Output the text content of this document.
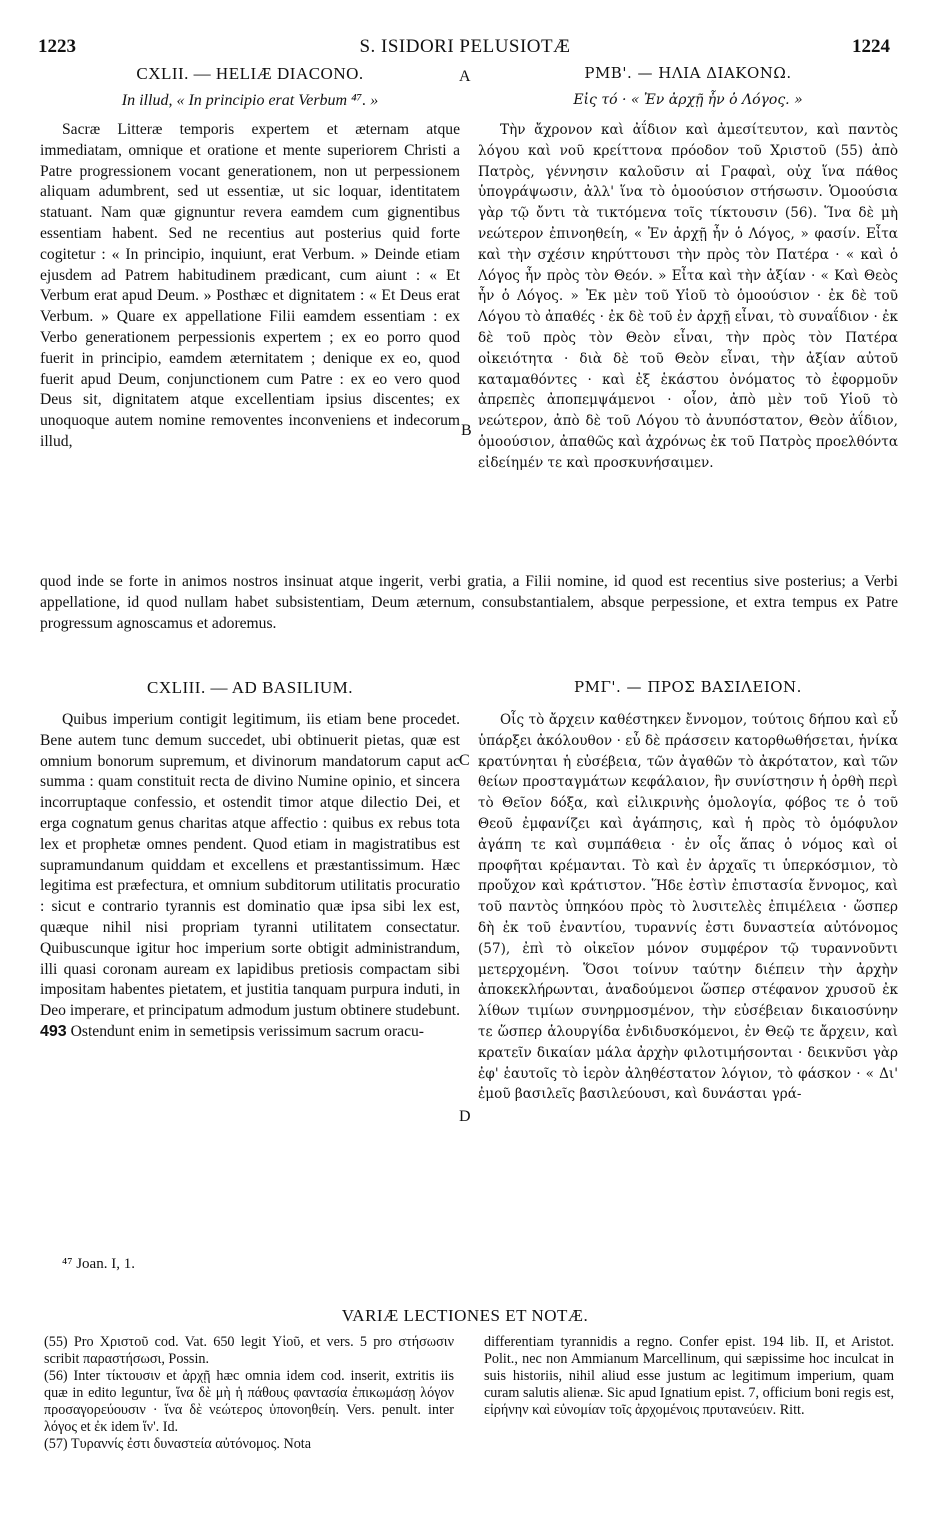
1223	S. ISIDORI PELUSIOTÆ	1224
CXLII. — HELIÆ DIACONO.	A	ΡΜΒ'. — ΗΛΙΑ ΔΙΑΚΟΝΩ.
In illud, « In principio erat Verbum ⁴⁷. »	Εἰς τό · « Ἐν ἀρχῇ ἦν ὁ Λόγος. »

Sacræ Litteræ temporis expertem et æternam atque immediatam, omnique et oratione et mente superiorem Christi a Patre progressionem vocant generationem, non ut perpessionem aliquam adumbrent, sed ut essentiæ, ut sic loquar, identitatem statuant. Nam quæ gignuntur revera eamdem cum gignentibus essentiam habent. Sed ne recentius aut posterius quid forte cogitetur : « In principio, inquiunt, erat Verbum. » Deinde etiam ejusdem ad Patrem habitudinem prædicant, cum aiunt : « Et Verbum erat apud Deum. » Posthæc et dignitatem : « Et Deus erat Verbum. » Quare ex appellatione Filii eamdem essentiam : ex Verbo generationem perpessionis expertem ; ex eo porro quod fuerit in principio, eamdem æternitatem ; denique ex eo, quod fuerit apud Deum, conjunctionem cum Patre : ex eo vero quod Deus sit, dignitatem atque excellentiam ipsius discentes; ex unoquoque autem nomine removentes inconveniens et indecorum illud,

B

Τὴν ἄχρονον καὶ ἀΐδιον καὶ ἀμεσίτευτον, καὶ παντὸς λόγου καὶ νοῦ κρείττονα πρόοδον τοῦ Χριστοῦ (55) ἀπὸ Πατρὸς, γέννησιν καλοῦσιν αἱ Γραφαὶ, οὐχ ἵνα πάθος ὑπογράψωσιν, ἀλλ' ἵνα τὸ ὁμοούσιον στήσωσιν. Ὁμοούσια γὰρ τῷ ὄντι τὰ τικτόμενα τοῖς τίκτουσιν (56). Ἵνα δὲ μὴ νεώτερον ἐπινοηθείη, « Ἐν ἀρχῇ ἦν ὁ Λόγος, » φασίν. Εἶτα καὶ τὴν σχέσιν κηρύττουσι τὴν πρὸς τὸν Πατέρα · « καὶ ὁ Λόγος ἦν πρὸς τὸν Θεόν. » Εἶτα καὶ τὴν ἀξίαν · « Καὶ Θεὸς ἦν ὁ Λόγος. » Ἐκ μὲν τοῦ Υἱοῦ τὸ ὁμοούσιον · ἐκ δὲ τοῦ Λόγου τὸ ἀπαθές · ἐκ δὲ τοῦ ἐν ἀρχῇ εἶναι, τὸ συναΐδιον · ἐκ δὲ τοῦ πρὸς τὸν Θεὸν εἶναι, τὴν πρὸς τὸν Πατέρα οἰκειότητα · διὰ δὲ τοῦ Θεὸν εἶναι, τὴν ἀξίαν αὐτοῦ καταμαθόντες · καὶ ἐξ ἑκάστου ὀνόματος τὸ ἐφορμοῦν ἀπρεπὲς ἀποπεμψάμενοι · οἷον, ἀπὸ μὲν τοῦ Υἱοῦ τὸ νεώτερον, ἀπὸ δὲ τοῦ Λόγου τὸ ἀνυπόστατον, Θεὸν ἀΐδιον, ὁμοούσιον, ἀπαθῶς καὶ ἀχρόνως ἐκ τοῦ Πατρὸς προελθόντα εἰδείημέν τε καὶ προσκυνήσαιμεν.

quod inde se forte in animos nostros insinuat atque ingerit, verbi gratia, a Filii nomine, id quod est recentius sive posterius; a Verbi appellatione, id quod nullam habet subsistentiam, Deum æternum, consubstantialem, absque perpessione, et extra tempus ex Patre progressum agnoscamus et adoremus.
CXLIII. — AD BASILIUM.	ΡΜΓ'. — ΠΡΟΣ ΒΑΣΙΛΕΙΟΝ.

Quibus imperium contigit legitimum, iis etiam bene procedet. Bene autem tunc demum succedet, ubi obtinuerit pietas, quæ est omnium bonorum supremum, et divinorum mandatorum caput ac summa : quam constituit recta de divino Numine opinio, et sincera incorruptaque confessio, et ostendit timor atque dilectio Dei, et erga cognatum genus charitas atque affectio : quibus ex rebus tota lex et prophetæ omnes pendent. Quod etiam in magistratibus est supramundanum quiddam et excellens et præstantissimum. Hæc legitima est præfectura, et omnium subditorum utilitatis procuratio : sicut e contrario tyrannis est dominatio quæ ipsa sibi lex est, quæque nihil nisi propriam tyranni utilitatem consectatur. Quibuscunque igitur hoc imperium sorte obtigit administrandum, illi quasi coronam auream ex lapidibus pretiosis compactam sibi impositam habentes pietatem, et justitia tanquam purpura induti, in Deo imperare, et principatum admodum justum obtinere studebunt. 493 Ostendunt enim in semetipsis verissimum sacrum oracu-

C
D

Οἷς τὸ ἄρχειν καθέστηκεν ἔννομον, τούτοις δήπου καὶ εὖ ὑπάρξει ἀκόλουθον · εὖ δὲ πράσσειν κατορθωθήσεται, ἡνίκα κρατύνηται ἡ εὐσέβεια, τῶν ἀγαθῶν τὸ ἀκρότατον, καὶ τῶν θείων προσταγμάτων κεφάλαιον, ἣν συνίστησιν ἡ ὀρθὴ περὶ τὸ Θεῖον δόξα, καὶ εἰλικρινὴς ὁμολογία, φόβος τε ὁ τοῦ Θεοῦ ἐμφανίζει καὶ ἀγάπησις, καὶ ἡ πρὸς τὸ ὁμόφυλον ἀγάπη τε καὶ συμπάθεια · ἐν οἷς ἅπας ὁ νόμος καὶ οἱ προφῆται κρέμανται. Τὸ καὶ ἐν ἀρχαῖς τι ὑπερκόσμιον, τὸ προὔχον καὶ κράτιστον. Ἥδε ἐστὶν ἐπιστασία ἔννομος, καὶ τοῦ παντὸς ὑπηκόου πρὸς τὸ λυσιτελὲς ἐπιμέλεια · ὥσπερ δὴ ἐκ τοῦ ἐναντίου, τυραννίς ἐστι δυναστεία αὐτόνομος (57), ἐπὶ τὸ οἰκεῖον μόνον συμφέρον τῷ τυραννοῦντι μετερχομένη. Ὅσοι τοίνυν ταύτην διέπειν τὴν ἀρχὴν ἀποκεκλήρωνται, ἀναδούμενοι ὥσπερ στέφανον χρυσοῦ ἐκ λίθων τιμίων συνηρμοσμένον, τὴν εὐσέβειαν δικαιοσύνην τε ὥσπερ ἁλουργίδα ἐνδιδυσκόμενοι, ἐν Θεῷ τε ἄρχειν, καὶ κρατεῖν δικαίαν μάλα ἀρχὴν φιλοτιμήσονται · δεικνῦσι γὰρ ἐφ' ἑαυτοῖς τὸ ἱερὸν ἀληθέστατον λόγιον, τὸ φάσκον · « Δι' ἐμοῦ βασιλεῖς βασιλεύουσι, καὶ δυνάσται γρά-

⁴⁷ Joan. I, 1.
VARIÆ LECTIONES ET NOTÆ.

(55) Pro Χριστοῦ cod. Vat. 650 legit Υἱοῦ, et vers. 5 pro στήσωσιν scribit παραστήσωσι, Possin.

(56) Inter τίκτουσιν et ἀρχῇ hæc omnia idem cod. inserit, extritis iis quæ in edito leguntur, ἵνα δὲ μὴ ἡ πάθους φαντασία ἐπικωμάσῃ λόγον προσαγορεύουσιν · ἵνα δὲ νεώτερος ὑπονοηθείη. Vers. penult. inter λόγος et ἐκ idem ἵν'. Id.

(57) Τυραννίς ἐστι δυναστεία αὐτόνομος. Nota

differentiam tyrannidis a regno. Confer epist. 194 lib. II, et Aristot. Polit., nec non Ammianum Marcellinum, qui sæpissime hoc inculcat in suis historiis, nihil aliud esse justum ac legitimum imperium, quam curam salutis alienæ. Sic apud Ignatium epist. 7, officium boni regis est, εἰρήνην καὶ εὐνομίαν τοῖς ἀρχομένοις πρυτανεύειν. Ritt.
